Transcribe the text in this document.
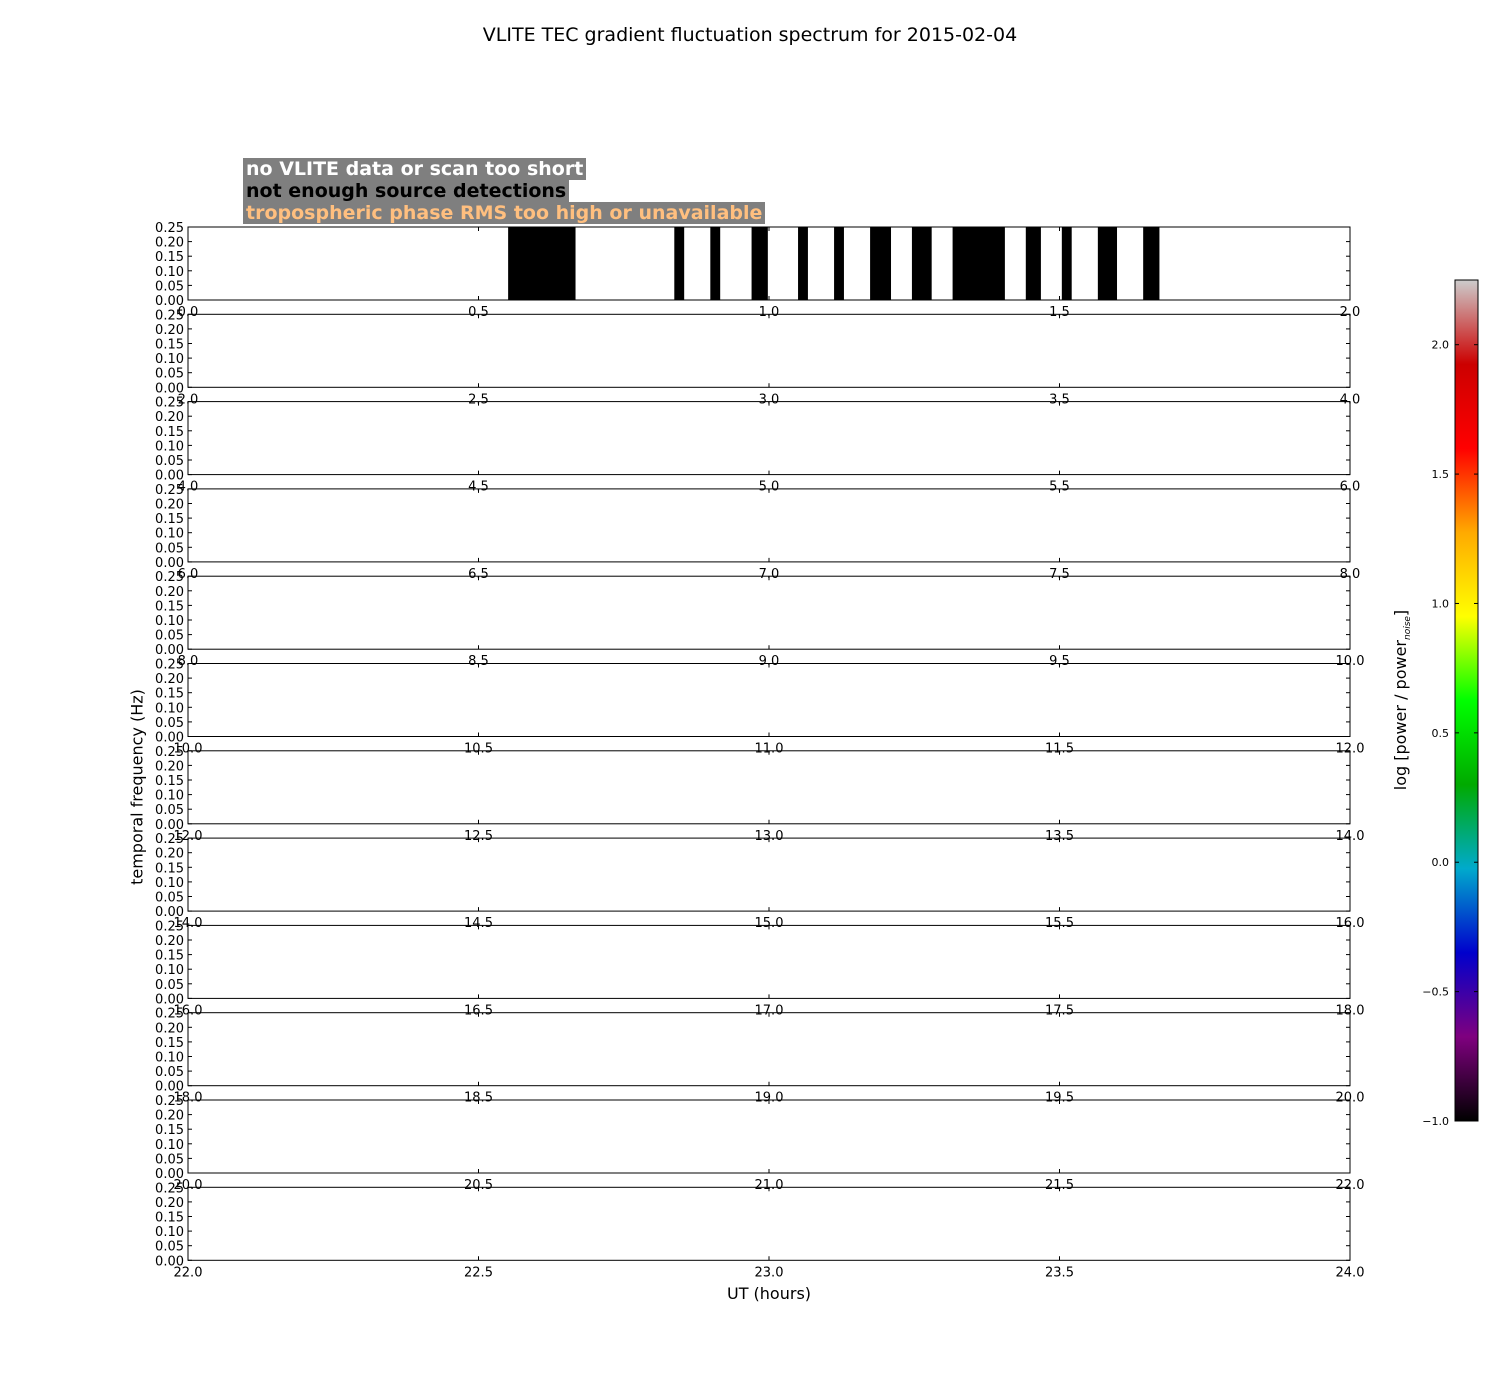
0.00
0.05
0.10
0.15
0.20
0.25
0.0	0.5	1.0	1.5	2.0
0.00
0.05
0.10
0.15
0.20
0.25
2.0	2.5	3.0	3.5	4.0
0.00
0.05
0.10
0.15
0.20
0.25
4.0	4.5	5.0	5.5	6.0
0.00
0.05
0.10
0.15
0.20
0.25
6.0	6.5	7.0	7.5	8.0
0.00
0.05
0.10
0.15
0.20
0.25
8.0	8.5	9.0	9.5	10.0
0.00
0.05
0.10
0.15
0.20
0.25
10.0	10.5	11.0	11.5	12.0
0.00
0.05
0.10
0.15
0.20
0.25
12.0	12.5	13.0	13.5	14.0
0.00
0.05
0.10
0.15
0.20
0.25
14.0	14.5	15.0	15.5	16.0
0.00
0.05
0.10
0.15
0.20
0.25
16.0	16.5	17.0	17.5	18.0
0.00
0.05
0.10
0.15
0.20
0.25
18.0	18.5	19.0	19.5	20.0
0.00
0.05
0.10
0.15
0.20
0.25
20.0	20.5	21.0	21.5	22.0
0.00
0.05
0.10
0.15
0.20
0.25
22.0	22.5	23.0	23.5	24.0
−1.0
−0.5
0.0
0.5
1.0
1.5
2.0
VLITE TEC gradient fluctuation spectrum for 2015-02-04
no VLITE data or scan too short
not enough source detections
tropospheric phase RMS too high or unavailable
temporal frequency (Hz)
UT (hours)
log [power / power$_{noise}$]
